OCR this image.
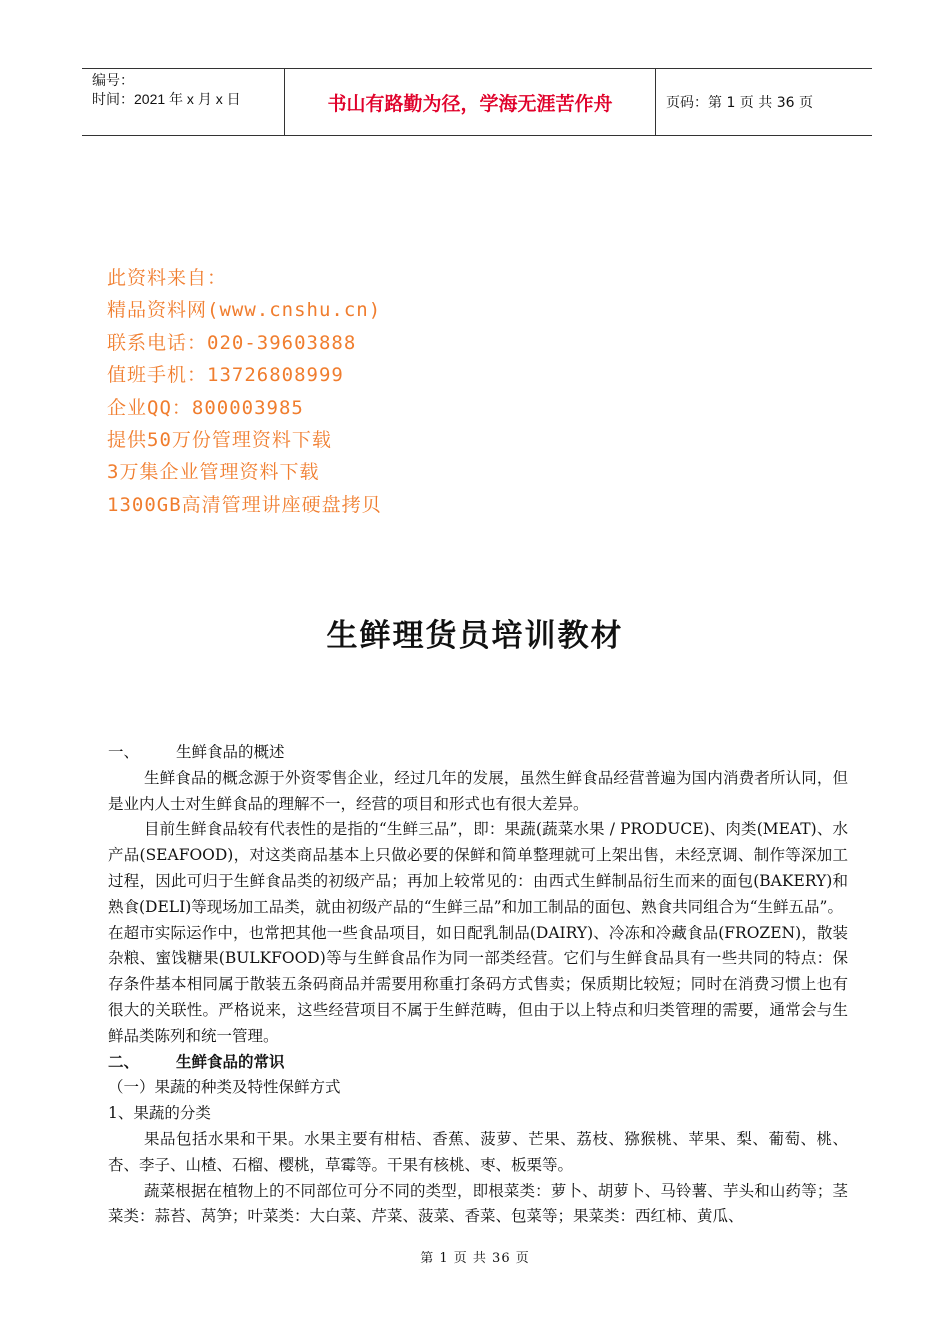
编号：
时间：2021 年 x 月 x 日	书山有路勤为径，学海无涯苦作舟	页码：第 1 页 共 36 页
此资料来自：
精品资料网(www.cnshu.cn)
联系电话：020-39603888
值班手机：13726808999
企业QQ：800003985
提供50万份管理资料下载
3万集企业管理资料下载
1300GB高清管理讲座硬盘拷贝
生鲜理货员培训教材
一、	生鲜食品的概述

生鲜食品的概念源于外资零售企业，经过几年的发展，虽然生鲜食品经营普遍为国内消费者所认同，但是业内人士对生鲜食品的理解不一，经营的项目和形式也有很大差异。

目前生鲜食品较有代表性的是指的“生鲜三品”，即：果蔬(蔬菜水果 / PRODUCE)、肉类(MEAT)、水产品(SEAFOOD)，对这类商品基本上只做必要的保鲜和简单整理就可上架出售，未经烹调、制作等深加工过程，因此可归于生鲜食品类的初级产品；再加上较常见的：由西式生鲜制品衍生而来的面包(BAKERY)和熟食(DELI)等现场加工品类，就由初级产品的“生鲜三品”和加工制品的面包、熟食共同组合为“生鲜五品”。

在超市实际运作中，也常把其他一些食品项目，如日配乳制品(DAIRY)、冷冻和冷藏食品(FROZEN)，散装杂粮、蜜饯糖果(BULKFOOD)等与生鲜食品作为同一部类经营。它们与生鲜食品具有一些共同的特点：保存条件基本相同属于散装五条码商品并需要用称重打条码方式售卖；保质期比较短；同时在消费习惯上也有很大的关联性。严格说来，这些经营项目不属于生鲜范畴，但由于以上特点和归类管理的需要，通常会与生鲜品类陈列和统一管理。

二、	生鲜食品的常识

（一）果蔬的种类及特性保鲜方式

1、果蔬的分类

果品包括水果和干果。水果主要有柑桔、香蕉、菠萝、芒果、荔枝、猕猴桃、苹果、梨、葡萄、桃、杏、李子、山楂、石榴、樱桃，草霉等。干果有核桃、枣、板栗等。

蔬菜根据在植物上的不同部位可分不同的类型，即根菜类：萝卜、胡萝卜、马铃薯、芋头和山药等；茎菜类：蒜苔、莴笋；叶菜类：大白菜、芹菜、菠菜、香菜、包菜等；果菜类：西红柿、黄瓜、

第 1 页 共 36 页
